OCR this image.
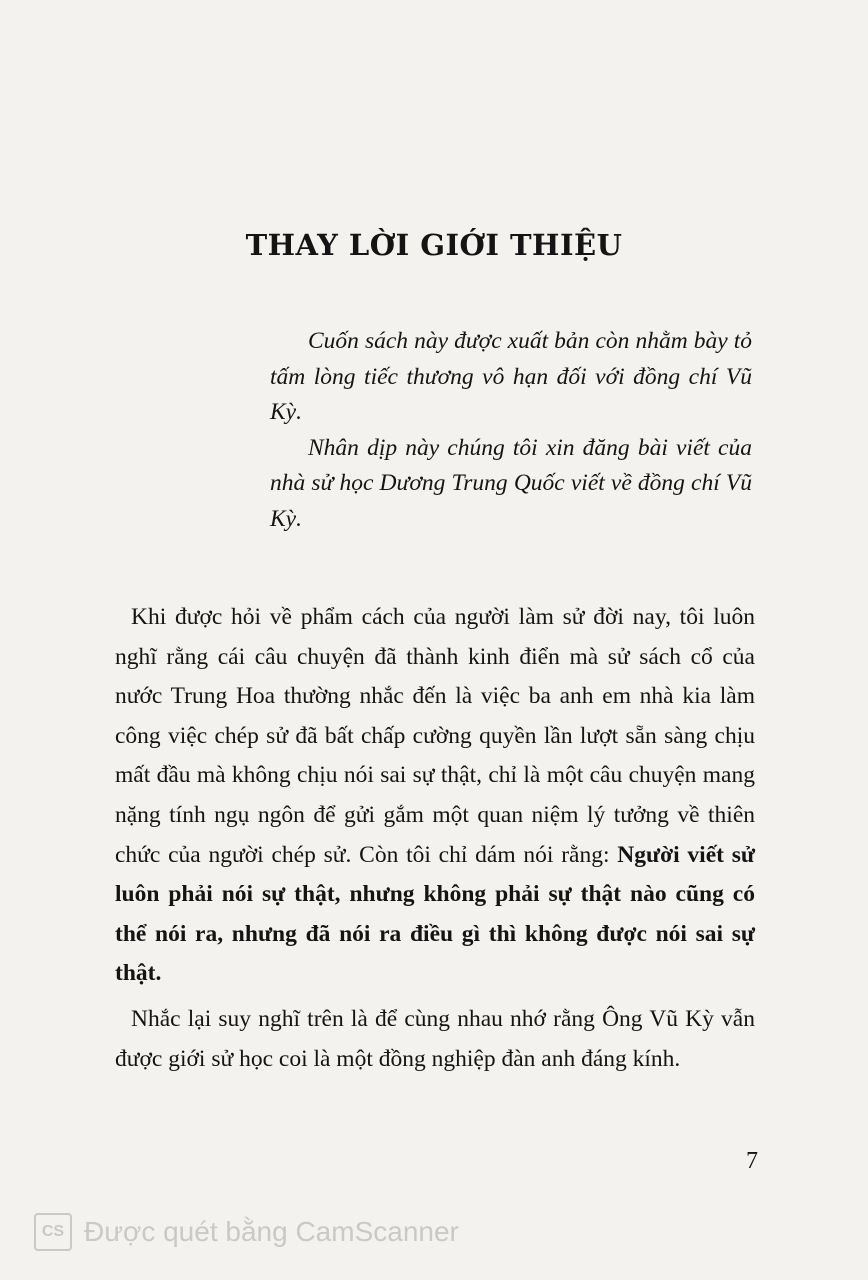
THAY LỜI GIỚI THIỆU

Cuốn sách này được xuất bản còn nhằm bày tỏ tấm lòng tiếc thương vô hạn đối với đồng chí Vũ Kỳ.

Nhân dịp này chúng tôi xin đăng bài viết của nhà sử học Dương Trung Quốc viết về đồng chí Vũ Kỳ.

Khi được hỏi về phẩm cách của người làm sử đời nay, tôi luôn nghĩ rằng cái câu chuyện đã thành kinh điển mà sử sách cổ của nước Trung Hoa thường nhắc đến là việc ba anh em nhà kia làm công việc chép sử đã bất chấp cường quyền lần lượt sẵn sàng chịu mất đầu mà không chịu nói sai sự thật, chỉ là một câu chuyện mang nặng tính ngụ ngôn để gửi gắm một quan niệm lý tưởng về thiên chức của người chép sử. Còn tôi chỉ dám nói rằng: Người viết sử luôn phải nói sự thật, nhưng không phải sự thật nào cũng có thể nói ra, nhưng đã nói ra điều gì thì không được nói sai sự thật.

Nhắc lại suy nghĩ trên là để cùng nhau nhớ rằng Ông Vũ Kỳ vẫn được giới sử học coi là một đồng nghiệp đàn anh đáng kính.

7
CS Được quét bằng CamScanner
